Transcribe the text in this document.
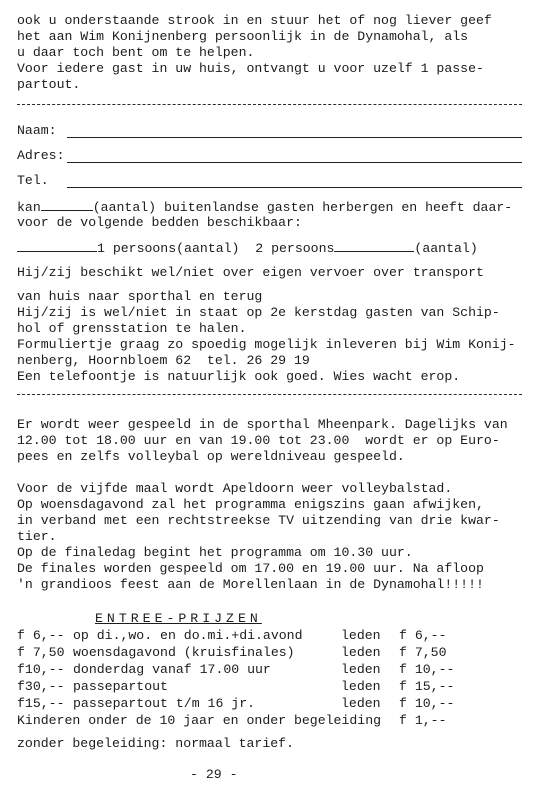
ook u onderstaande strook in en stuur het of nog liever geef
het aan Wim Konijnenberg persoonlijk in de Dynamohal, als
u daar toch bent om te helpen.
Voor iedere gast in uw huis, ontvangt u voor uzelf 1 passe-
partout.
Naam:
Adres:
Tel.
kan	(aantal) buitenlandse gasten herbergen en heeft daar-
voor de volgende bedden beschikbaar:
1 persoons(aantal) 2 persoons	(aantal)
Hij/zij beschikt wel/niet over eigen vervoer over transport
van huis naar sporthal en terug
Hij/zij is wel/niet in staat op 2e kerstdag gasten van Schip-
hol of grensstation te halen.
Formuliertje graag zo spoedig mogelijk inleveren bij Wim Konij-
nenberg, Hoornbloem 62  tel. 26 29 19
Een telefoontje is natuurlijk ook goed. Wies wacht erop.
Er wordt weer gespeeld in de sporthal Mheenpark. Dagelijks van
12.00 tot 18.00 uur en van 19.00 tot 23.00  wordt er op Euro-
pees en zelfs volleybal op wereldniveau gespeeld.
Voor de vijfde maal wordt Apeldoorn weer volleybalstad.
Op woensdagavond zal het programma enigszins gaan afwijken,
in verband met een rechtstreekse TV uitzending van drie kwar-
tier.
Op de finaledag begint het programma om 10.30 uur.
De finales worden gespeeld om 17.00 en 19.00 uur. Na afloop
'n grandioos feest aan de Morellenlaan in de Dynamohal!!!!!
ENTREE-PRIJZEN
f 6,-- op di.,wo. en do.mi.+di.avond	leden f 6,--
f 7,50 woensdagavond (kruisfinales)	leden f 7,50
f10,-- donderdag vanaf 17.00 uur	leden f 10,--
f30,-- passepartout	leden f 15,--
f15,-- passepartout t/m 16 jr.	leden f 10,--
Kinderen onder de 10 jaar en onder begeleiding f 1,--
zonder begeleiding: normaal tarief.
- 29 -
